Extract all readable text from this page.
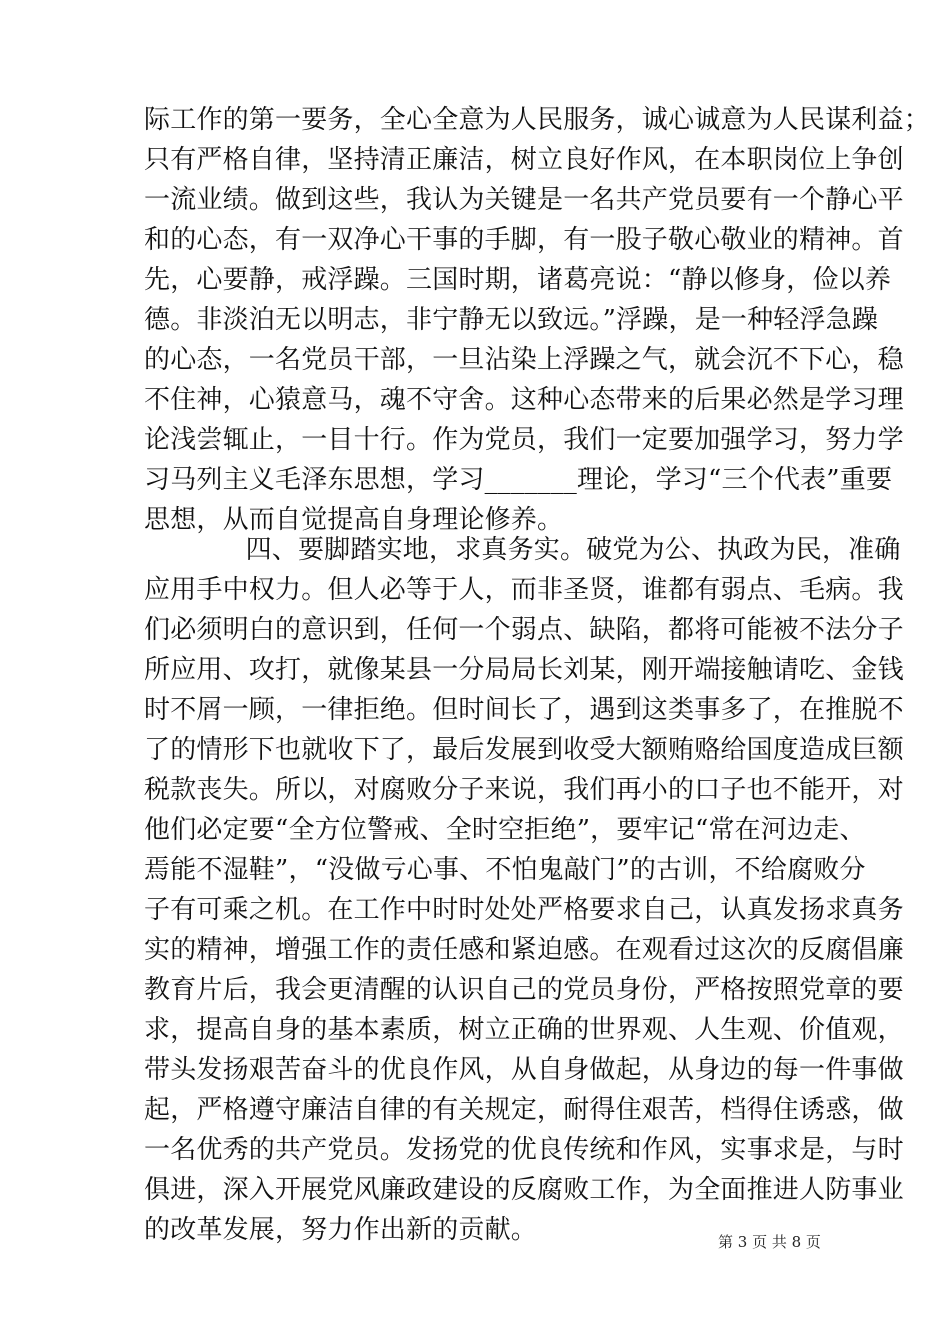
际工作的第一要务，全心全意为人民服务，诚心诚意为人民谋利益；
只有严格自律，坚持清正廉洁，树立良好作风，在本职岗位上争创
一流业绩。做到这些，我认为关键是一名共产党员要有一个静心平
和的心态，有一双净心干事的手脚，有一股子敬心敬业的精神。首
先，心要静，戒浮躁。三国时期，诸葛亮说：“静以修身，俭以养
德。非淡泊无以明志，非宁静无以致远。”浮躁，是一种轻浮急躁
的心态，一名党员干部，一旦沾染上浮躁之气，就会沉不下心，稳
不住神，心猿意马，魂不守舍。这种心态带来的后果必然是学习理
论浅尝辄止，一目十行。作为党员，我们一定要加强学习，努力学
习马列主义毛泽东思想，学习_______理论，学习“三个代表”重要
思想，从而自觉提高自身理论修养。
四、要脚踏实地，求真务实。破党为公、执政为民，准确
应用手中权力。但人必等于人，而非圣贤，谁都有弱点、毛病。我
们必须明白的意识到，任何一个弱点、缺陷，都将可能被不法分子
所应用、攻打，就像某县一分局局长刘某，刚开端接触请吃、金钱
时不屑一顾，一律拒绝。但时间长了，遇到这类事多了，在推脱不
了的情形下也就收下了，最后发展到收受大额贿赂给国度造成巨额
税款丧失。所以，对腐败分子来说，我们再小的口子也不能开，对
他们必定要“全方位警戒、全时空拒绝”，要牢记“常在河边走、
焉能不湿鞋”，“没做亏心事、不怕鬼敲门”的古训，不给腐败分
子有可乘之机。在工作中时时处处严格要求自己，认真发扬求真务
实的精神，增强工作的责任感和紧迫感。在观看过这次的反腐倡廉
教育片后，我会更清醒的认识自己的党员身份，严格按照党章的要
求，提高自身的基本素质，树立正确的世界观、人生观、价值观，
带头发扬艰苦奋斗的优良作风，从自身做起，从身边的每一件事做
起，严格遵守廉洁自律的有关规定，耐得住艰苦，档得住诱惑，做
一名优秀的共产党员。发扬党的优良传统和作风，实事求是，与时
俱进，深入开展党风廉政建设的反腐败工作，为全面推进人防事业
的改革发展，努力作出新的贡献。	第 3 页 共 8 页
